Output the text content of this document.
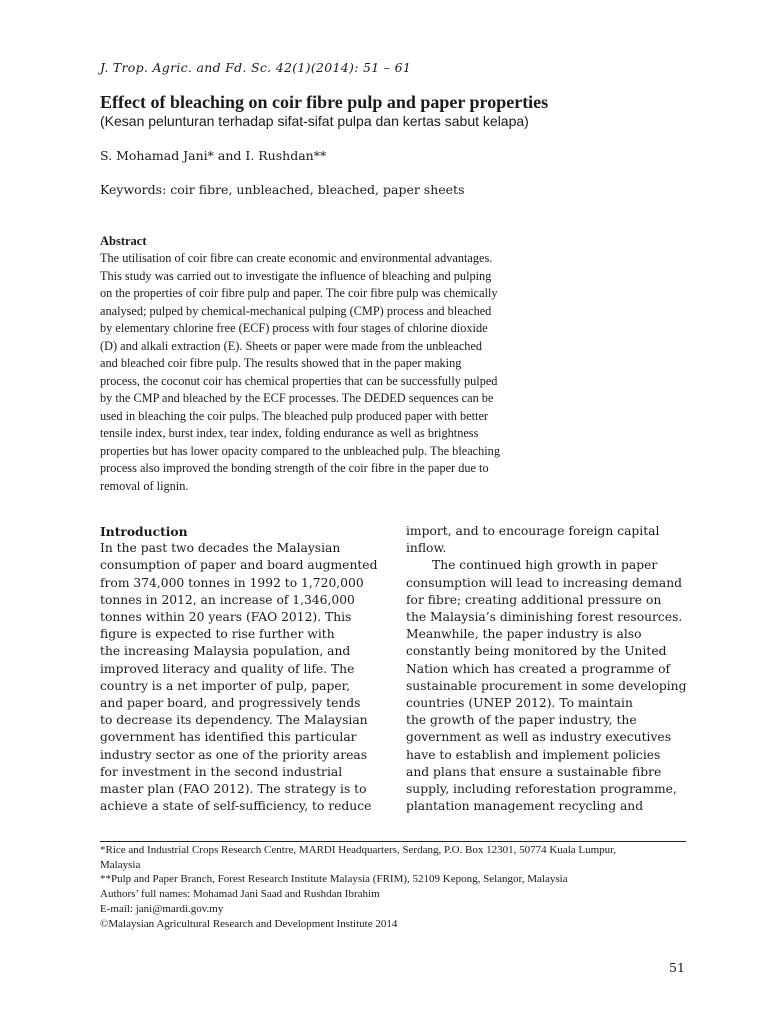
J. Trop. Agric. and Fd. Sc. 42(1)(2014): 51 – 61
Effect of bleaching on coir fibre pulp and paper properties
(Kesan pelunturan terhadap sifat-sifat pulpa dan kertas sabut kelapa)
S. Mohamad Jani* and I. Rushdan**
Keywords: coir fibre, unbleached, bleached, paper sheets
Abstract
The utilisation of coir fibre can create economic and environmental advantages.
This study was carried out to investigate the influence of bleaching and pulping
on the properties of coir fibre pulp and paper. The coir fibre pulp was chemically
analysed; pulped by chemical-mechanical pulping (CMP) process and bleached
by elementary chlorine free (ECF) process with four stages of chlorine dioxide
(D) and alkali extraction (E). Sheets or paper were made from the unbleached
and bleached coir fibre pulp. The results showed that in the paper making
process, the coconut coir has chemical properties that can be successfully pulped
by the CMP and bleached by the ECF processes. The DEDED sequences can be
used in bleaching the coir pulps. The bleached pulp produced paper with better
tensile index, burst index, tear index, folding endurance as well as brightness
properties but has lower opacity compared to the unbleached pulp. The bleaching
process also improved the bonding strength of the coir fibre in the paper due to
removal of lignin.
Introduction
In the past two decades the Malaysian
consumption of paper and board augmented
from 374,000 tonnes in 1992 to 1,720,000
tonnes in 2012, an increase of 1,346,000
tonnes within 20 years (FAO 2012). This
figure is expected to rise further with
the increasing Malaysia population, and
improved literacy and quality of life. The
country is a net importer of pulp, paper,
and paper board, and progressively tends
to decrease its dependency. The Malaysian
government has identified this particular
industry sector as one of the priority areas
for investment in the second industrial
master plan (FAO 2012). The strategy is to
achieve a state of self-sufficiency, to reduce
import, and to encourage foreign capital
inflow.
The continued high growth in paper
consumption will lead to increasing demand
for fibre; creating additional pressure on
the Malaysia’s diminishing forest resources.
Meanwhile, the paper industry is also
constantly being monitored by the United
Nation which has created a programme of
sustainable procurement in some developing
countries (UNEP 2012). To maintain
the growth of the paper industry, the
government as well as industry executives
have to establish and implement policies
and plans that ensure a sustainable fibre
supply, including reforestation programme,
plantation management recycling and
*Rice and Industrial Crops Research Centre, MARDI Headquarters, Serdang, P.O. Box 12301, 50774 Kuala Lumpur,
Malaysia
**Pulp and Paper Branch, Forest Research Institute Malaysia (FRIM), 52109 Kepong, Selangor, Malaysia
Authors’ full names: Mohamad Jani Saad and Rushdan Ibrahim
E-mail: jani@mardi.gov.my
©Malaysian Agricultural Research and Development Institute 2014
51
